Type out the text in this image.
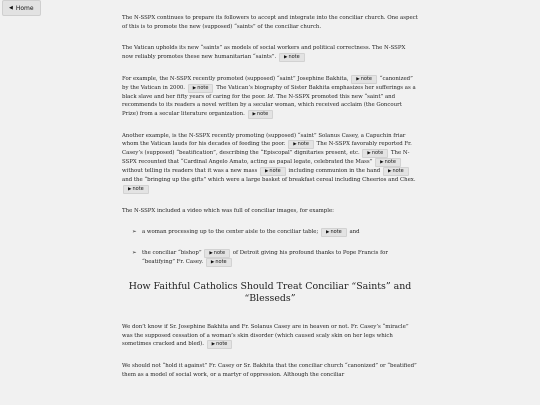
◀ Home

The N-SSPX continues to prepare its followers to accept and integrate into the conciliar church. One aspect of this is to promote the new (supposed) “saints” of the conciliar church.

The Vatican upholds its new “saints” as models of social workers and political correctness. The N-SSPX now reliably promotes these new humanitarian “saints”. ▶note

For example, the N-SSPX recently promoted (supposed) “saint” Josephine Bakhita, ▶note “canonized” by the Vatican in 2000. ▶note The Vatican’s biography of Sister Bakhita emphasizes her sufferings as a black slave and her fifty years of caring for the poor. Id. The N-SSPX promoted this new “saint” and recommends to its readers a novel written by a secular woman, which received acclaim (the Goncourt Prize) from a secular literature organization. ▶note

Another example, is the N-SSPX recently promoting (supposed) “saint” Solanus Casey, a Capuchin friar whom the Vatican lauds for his decades of feeding the poor. ▶note The N-SSPX favorably reported Fr. Casey’s (supposed) “beatification”, describing the “Episcopal” dignitaries present, etc. ▶note The N-SSPX recounted that “Cardinal Angelo Amato, acting as papal legate, celebrated the Mass” ▶note without telling its readers that it was a new mass ▶note including communion in the hand ▶note and the “bringing up the gifts” which were a large basket of breakfast cereal including Cheerios and Chex. ▶note

The N-SSPX included a video which was full of conciliar images, for example:

➢ a woman processing up to the center aisle to the conciliar table; ▶note and
➢ the conciliar “bishop” ▶note of Detroit giving his profound thanks to Pope Francis for “beatifying” Fr. Casey. ▶note
How Faithful Catholics Should Treat Conciliar “Saints” and “Blesseds”

We don’t know if Sr. Josephine Bakhita and Fr. Solanus Casey are in heaven or not. Fr. Casey’s “miracle” was the supposed cessation of a woman’s skin disorder (which caused scaly skin on her legs which sometimes cracked and bled). ▶note

We should not “hold it against” Fr. Casey or Sr. Bakhita that the conciliar church “canonized” or “beatified” them as a model of social work, or a martyr of oppression. Although the conciliar
